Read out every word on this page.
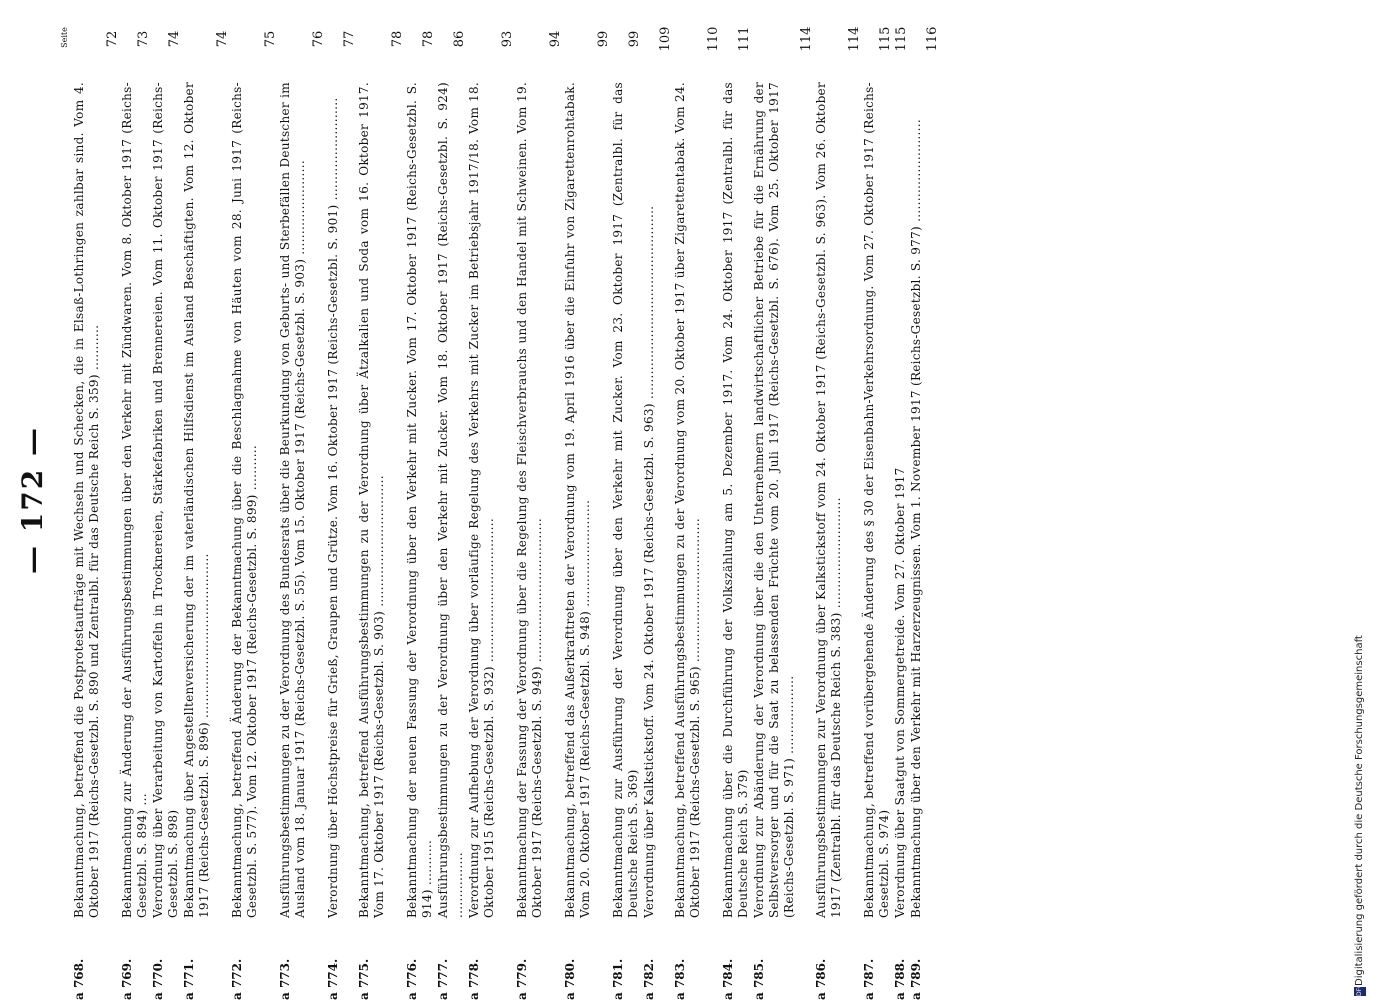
— 172 —
Seite
a 768.
Bekanntmachung, betreffend die Postprotestaufträge mit Wechseln und Schecken, die in Elsaß-Lothringen zahlbar sind. Vom 4. Oktober 1917 (Reichs-Gesetzbl. S. 890 und Zentralbl. für das Deutsche Reich S. 359) ...........
72
a 769.
Bekanntmachung zur Änderung der Ausführungsbestimmungen über den Verkehr mit Zündwaren. Vom 8. Oktober 1917 (Reichs-Gesetzbl. S. 894) ...
73
a 770.
Verordnung über Verarbeitung von Kartoffeln in Trocknereien, Stärkefabriken und Brennereien. Vom 11. Oktober 1917 (Reichs-Gesetzbl. S. 898)
74
a 771.
Bekanntmachung über Angestelltenversicherung der im vaterländischen Hilfsdienst im Ausland Beschäftigten. Vom 12. Oktober 1917 (Reichs-Gesetzbl. S. 896) ........................................
74
a 772.
Bekanntmachung, betreffend Änderung der Bekanntmachung über die Beschlagnahme von Häuten vom 28. Juni 1917 (Reichs-Gesetzbl. S. 577). Vom 12. Oktober 1917 (Reichs-Gesetzbl. S. 899) ...........
75
a 773.
Ausführungsbestimmungen zu der Verordnung des Bundesrats über die Beurkundung von Geburts- und Sterbefällen Deutscher im Ausland vom 18. Januar 1917 (Reichs-Gesetzbl. S. 55). Vom 15. Oktober 1917 (Reichs-Gesetzbl. S. 903) .......................
76
a 774.
Verordnung über Höchstpreise für Grieß, Graupen und Grütze. Vom 16. Oktober 1917 (Reichs-Gesetzbl. S. 901) .........................
77
a 775.
Bekanntmachung, betreffend Ausführungsbestimmungen zu der Verordnung über Ätzalkalien und Soda vom 16. Oktober 1917. Vom 17. Oktober 1917 (Reichs-Gesetzbl. S. 903) ................................
78
a 776.
Bekanntmachung der neuen Fassung der Verordnung über den Verkehr mit Zucker. Vom 17. Oktober 1917 (Reichs-Gesetzbl. S. 914) ...........
78
a 777.
Ausführungsbestimmungen zu der Verordnung über den Verkehr mit Zucker. Vom 18. Oktober 1917 (Reichs-Gesetzbl. S. 924) ................
86
a 778.
Verordnung zur Aufhebung der Verordnung über vorläufige Regelung des Verkehrs mit Zucker im Betriebsjahr 1917/18. Vom 18. Oktober 1915 (Reichs-Gesetzbl. S. 932) ...................................
93
a 779.
Bekanntmachung der Fassung der Verordnung über die Regelung des Fleischverbrauchs und den Handel mit Schweinen. Vom 19. Oktober 1917 (Reichs-Gesetzbl. S. 949) ...................................
94
a 780.
Bekanntmachung, betreffend das Außerkrafttreten der Verordnung vom 19. April 1916 über die Einfuhr von Zigarettenrohtabak. Vom 20. Oktober 1917 (Reichs-Gesetzbl. S. 948) ..........................
99
a 781.
Bekanntmachung zur Ausführung der Verordnung über den Verkehr mit Zucker. Vom 23. Oktober 1917 (Zentralbl. für das Deutsche Reich S. 369)
99
a 782.
Verordnung über Kalkstickstoff. Vom 24. Oktober 1917 (Reichs-Gesetzbl. S. 963) ...............................................
109
a 783.
Bekanntmachung, betreffend Ausführungsbestimmungen zu der Verordnung vom 20. Oktober 1917 über Zigarettentabak. Vom 24. Oktober 1917 (Reichs-Gesetzbl. S. 965) ...................................
110
a 784.
Bekanntmachung über die Durchführung der Volkszählung am 5. Dezember 1917. Vom 24. Oktober 1917 (Zentralbl. für das Deutsche Reich S. 379)
111
a 785.
Verordnung zur Abänderung der Verordnung über die den Unternehmern landwirtschaftlicher Betriebe für die Ernährung der Selbstversorger und für die Saat zu belassenden Früchte vom 20. Juli 1917 (Reichs-Gesetzbl. S. 676). Vom 25. Oktober 1917 (Reichs-Gesetzbl. S. 971) ...................
114
a 786.
Ausführungsbestimmungen zur Verordnung über Kalkstickstoff vom 24. Oktober 1917 (Reichs-Gesetzbl. S. 963). Vom 26. Oktober 1917 (Zentralbl. für das Deutsche Reich S. 383) ...........................
114
a 787.
Bekanntmachung, betreffend vorübergehende Änderung des § 30 der Eisenbahn-Verkehrsordnung. Vom 27. Oktober 1917 (Reichs-Gesetzbl. S. 974)
115
a 788.
Verordnung über Saatgut von Sommergetreide. Vom 27. Oktober 1917
115
a 789.
Bekanntmachung über den Verkehr mit Harzerzeugnissen. Vom 1. November 1917 (Reichs-Gesetzbl. S. 977) .........................
116
DFG
Digitalisierung gefördert durch die Deutsche Forschungsgemeinschaft
